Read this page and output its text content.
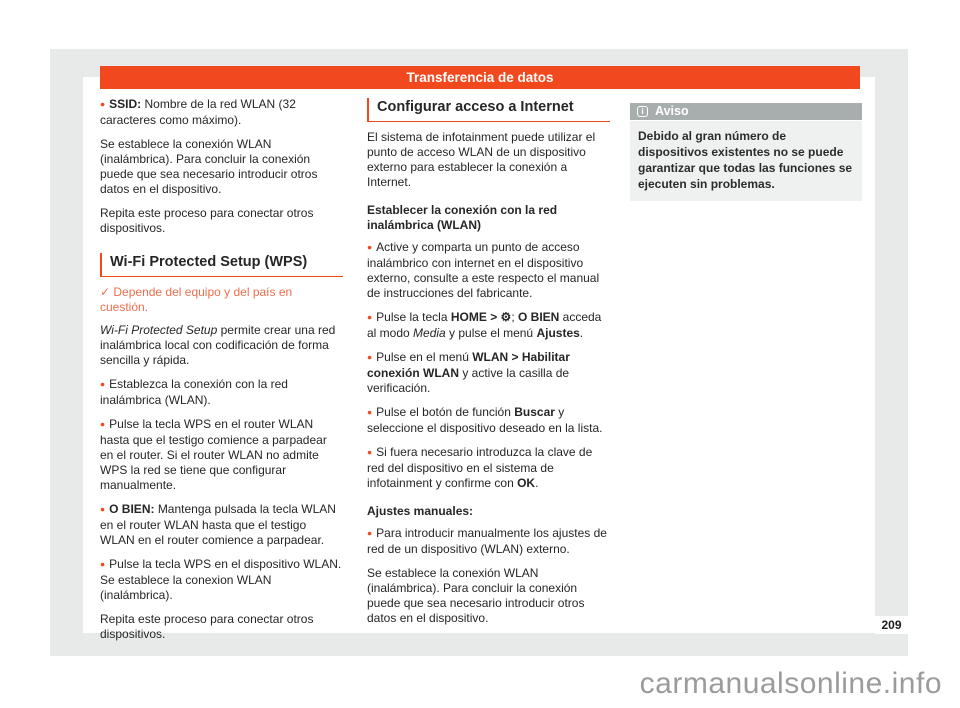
Transferencia de datos
● SSID: Nombre de la red WLAN (32 caracteres como máximo).
Se establece la conexión WLAN (inalámbrica). Para concluir la conexión puede que sea necesario introducir otros datos en el dispositivo.
Repita este proceso para conectar otros dispositivos.
Wi-Fi Protected Setup (WPS)
✓ Depende del equipo y del país en cuestión.
Wi-Fi Protected Setup permite crear una red inalámbrica local con codificación de forma sencilla y rápida.
● Establezca la conexión con la red inalámbrica (WLAN).
● Pulse la tecla WPS en el router WLAN hasta que el testigo comience a parpadear en el router. Si el router WLAN no admite WPS la red se tiene que configurar manualmente.
● O BIEN: Mantenga pulsada la tecla WLAN en el router WLAN hasta que el testigo WLAN en el router comience a parpadear.
● Pulse la tecla WPS en el dispositivo WLAN. Se establece la conexion WLAN (inalámbrica).
Repita este proceso para conectar otros dispositivos.
Configurar acceso a Internet
El sistema de infotainment puede utilizar el punto de acceso WLAN de un dispositivo externo para establecer la conexión a Internet.
Establecer la conexión con la red inalámbrica (WLAN)
● Active y comparta un punto de acceso inalámbrico con internet en el dispositivo externo, consulte a este respecto el manual de instrucciones del fabricante.
● Pulse la tecla HOME > ⚙; O BIEN acceda al modo Media y pulse el menú Ajustes.
● Pulse en el menú WLAN > Habilitar conexión WLAN y active la casilla de verificación.
● Pulse el botón de función Buscar y seleccione el dispositivo deseado en la lista.
● Si fuera necesario introduzca la clave de red del dispositivo en el sistema de infotainment y confirme con OK.
Ajustes manuales:
● Para introducir manualmente los ajustes de red de un dispositivo (WLAN) externo.
Se establece la conexión WLAN (inalámbrica). Para concluir la conexión puede que sea necesario introducir otros datos en el dispositivo.
i Aviso
Debido al gran número de dispositivos existentes no se puede garantizar que todas las funciones se ejecuten sin problemas.
209
carmanualsonline.info
